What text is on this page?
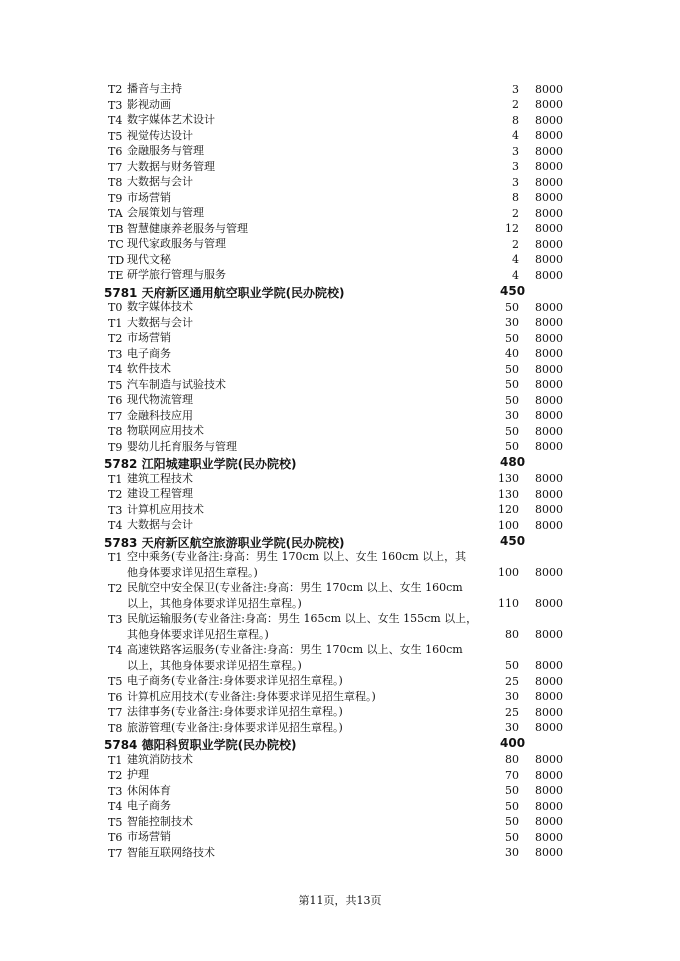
T2 播音与主持	3 8000
T3 影视动画	2 8000
T4 数字媒体艺术设计	8 8000
T5 视觉传达设计	4 8000
T6 金融服务与管理	3 8000
T7 大数据与财务管理	3 8000
T8 大数据与会计	3 8000
T9 市场营销	8 8000
TA 会展策划与管理	2 8000
TB 智慧健康养老服务与管理	12 8000
TC 现代家政服务与管理	2 8000
TD 现代文秘	4 8000
TE 研学旅行管理与服务	4 8000
5781 天府新区通用航空职业学院(民办院校)	450
T0 数字媒体技术	50 8000
T1 大数据与会计	30 8000
T2 市场营销	50 8000
T3 电子商务	40 8000
T4 软件技术	50 8000
T5 汽车制造与试验技术	50 8000
T6 现代物流管理	50 8000
T7 金融科技应用	30 8000
T8 物联网应用技术	50 8000
T9 婴幼儿托育服务与管理	50 8000
5782 江阳城建职业学院(民办院校)	480
T1 建筑工程技术	130 8000
T2 建设工程管理	130 8000
T3 计算机应用技术	120 8000
T4 大数据与会计	100 8000
5783 天府新区航空旅游职业学院(民办院校)	450
T1 空中乘务(专业备注:身高：男生 170cm 以上、女生 160cm 以上，其
他身体要求详见招生章程。)	100 8000
T2 民航空中安全保卫(专业备注:身高：男生 170cm 以上、女生 160cm
以上，其他身体要求详见招生章程。)	110 8000
T3 民航运输服务(专业备注:身高：男生 165cm 以上、女生 155cm 以上，
其他身体要求详见招生章程。)	80 8000
T4 高速铁路客运服务(专业备注:身高：男生 170cm 以上、女生 160cm
以上，其他身体要求详见招生章程。)	50 8000
T5 电子商务(专业备注:身体要求详见招生章程。)	25 8000
T6 计算机应用技术(专业备注:身体要求详见招生章程。)	30 8000
T7 法律事务(专业备注:身体要求详见招生章程。)	25 8000
T8 旅游管理(专业备注:身体要求详见招生章程。)	30 8000
5784 德阳科贸职业学院(民办院校)	400
T1 建筑消防技术	80 8000
T2 护理	70 8000
T3 休闲体育	50 8000
T4 电子商务	50 8000
T5 智能控制技术	50 8000
T6 市场营销	50 8000
T7 智能互联网络技术	30 8000
第11页，共13页
